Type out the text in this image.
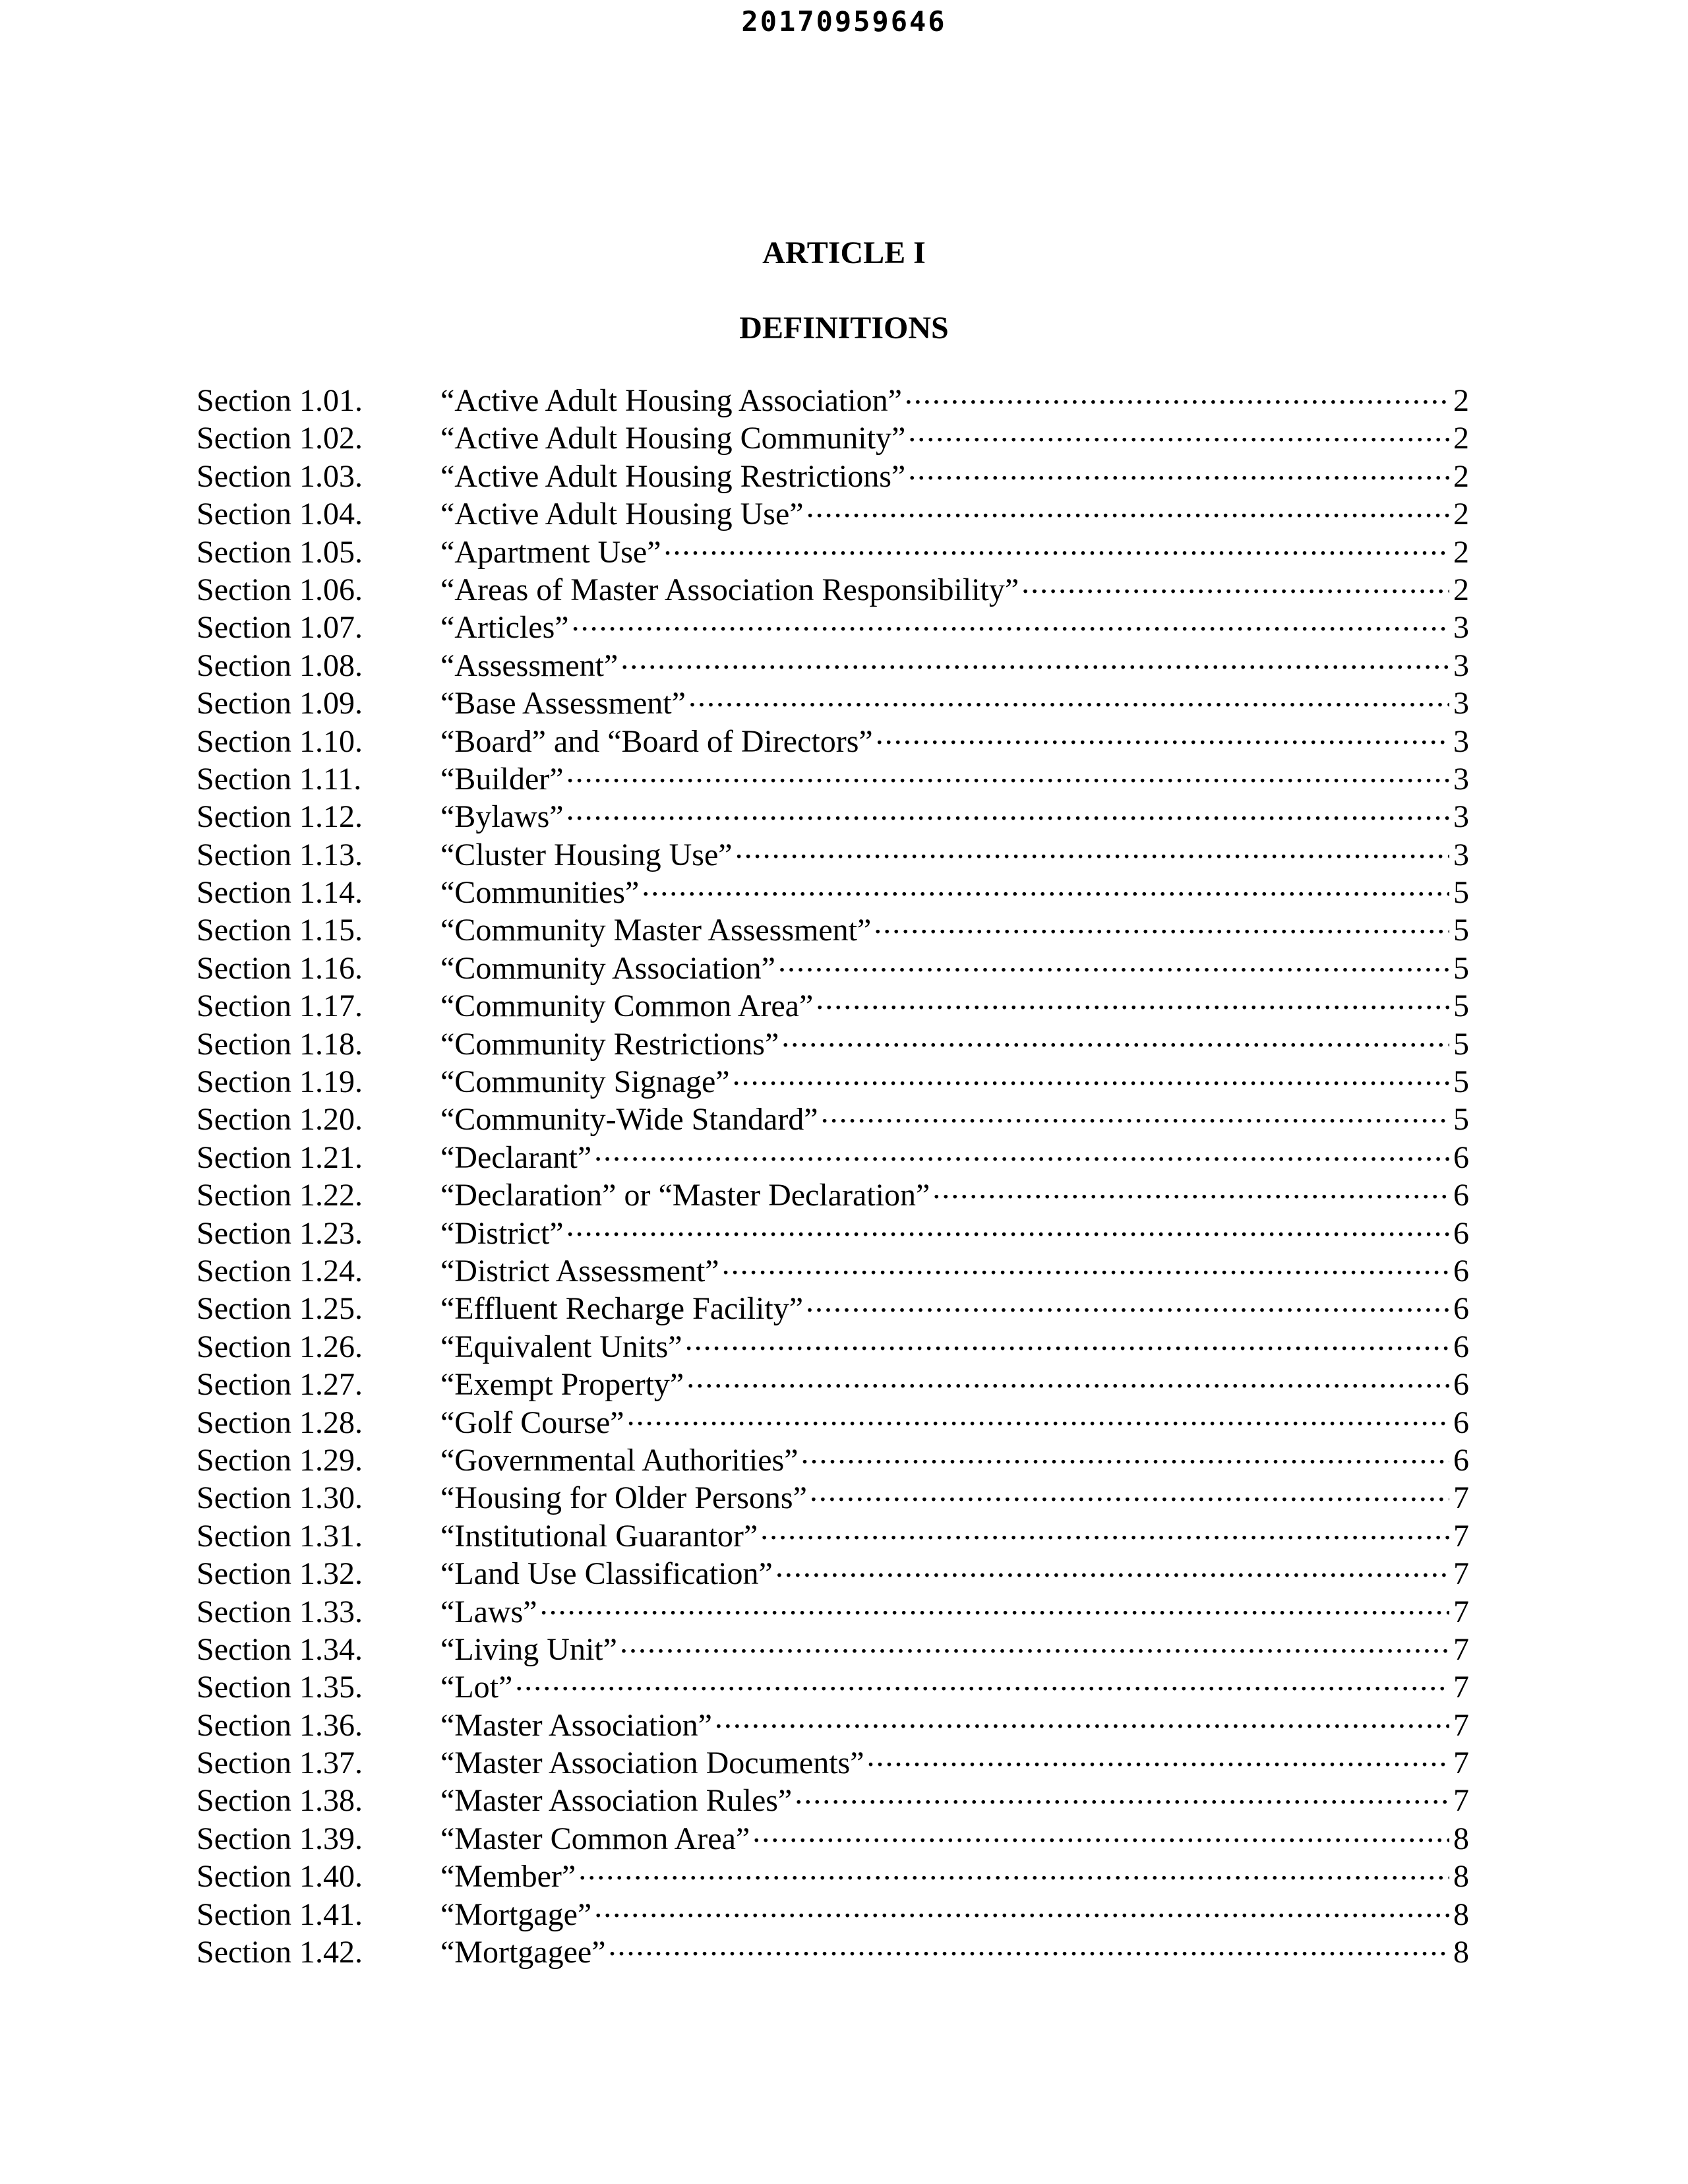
20170959646
ARTICLE I
DEFINITIONS
Section 1.01.	“Active Adult Housing Association” .....	2
Section 1.02.	“Active Adult Housing Community” .....	2
Section 1.03.	“Active Adult Housing Restrictions” .....	2
Section 1.04.	“Active Adult Housing Use” .....	2
Section 1.05.	“Apartment Use” .....	2
Section 1.06.	“Areas of Master Association Responsibility” .....	2
Section 1.07.	“Articles” .....	3
Section 1.08.	“Assessment” .....	3
Section 1.09.	“Base Assessment” .....	3
Section 1.10.	“Board” and “Board of Directors” .....	3
Section 1.11.	“Builder” .....	3
Section 1.12.	“Bylaws” .....	3
Section 1.13.	“Cluster Housing Use” .....	3
Section 1.14.	“Communities” .....	5
Section 1.15.	“Community Master Assessment” .....	5
Section 1.16.	“Community Association” .....	5
Section 1.17.	“Community Common Area” .....	5
Section 1.18.	“Community Restrictions” .....	5
Section 1.19.	“Community Signage” .....	5
Section 1.20.	“Community-Wide Standard” .....	5
Section 1.21.	“Declarant” .....	6
Section 1.22.	“Declaration” or “Master Declaration” .....	6
Section 1.23.	“District” .....	6
Section 1.24.	“District Assessment” .....	6
Section 1.25.	“Effluent Recharge Facility” .....	6
Section 1.26.	“Equivalent Units” .....	6
Section 1.27.	“Exempt Property” .....	6
Section 1.28.	“Golf Course” .....	6
Section 1.29.	“Governmental Authorities” .....	6
Section 1.30.	“Housing for Older Persons” .....	7
Section 1.31.	“Institutional Guarantor” .....	7
Section 1.32.	“Land Use Classification” .....	7
Section 1.33.	“Laws” .....	7
Section 1.34.	“Living Unit” .....	7
Section 1.35.	“Lot” .....	7
Section 1.36.	“Master Association” .....	7
Section 1.37.	“Master Association Documents” .....	7
Section 1.38.	“Master Association Rules” .....	7
Section 1.39.	“Master Common Area” .....	8
Section 1.40.	“Member” .....	8
Section 1.41.	“Mortgage” .....	8
Section 1.42.	“Mortgagee” .....	8
